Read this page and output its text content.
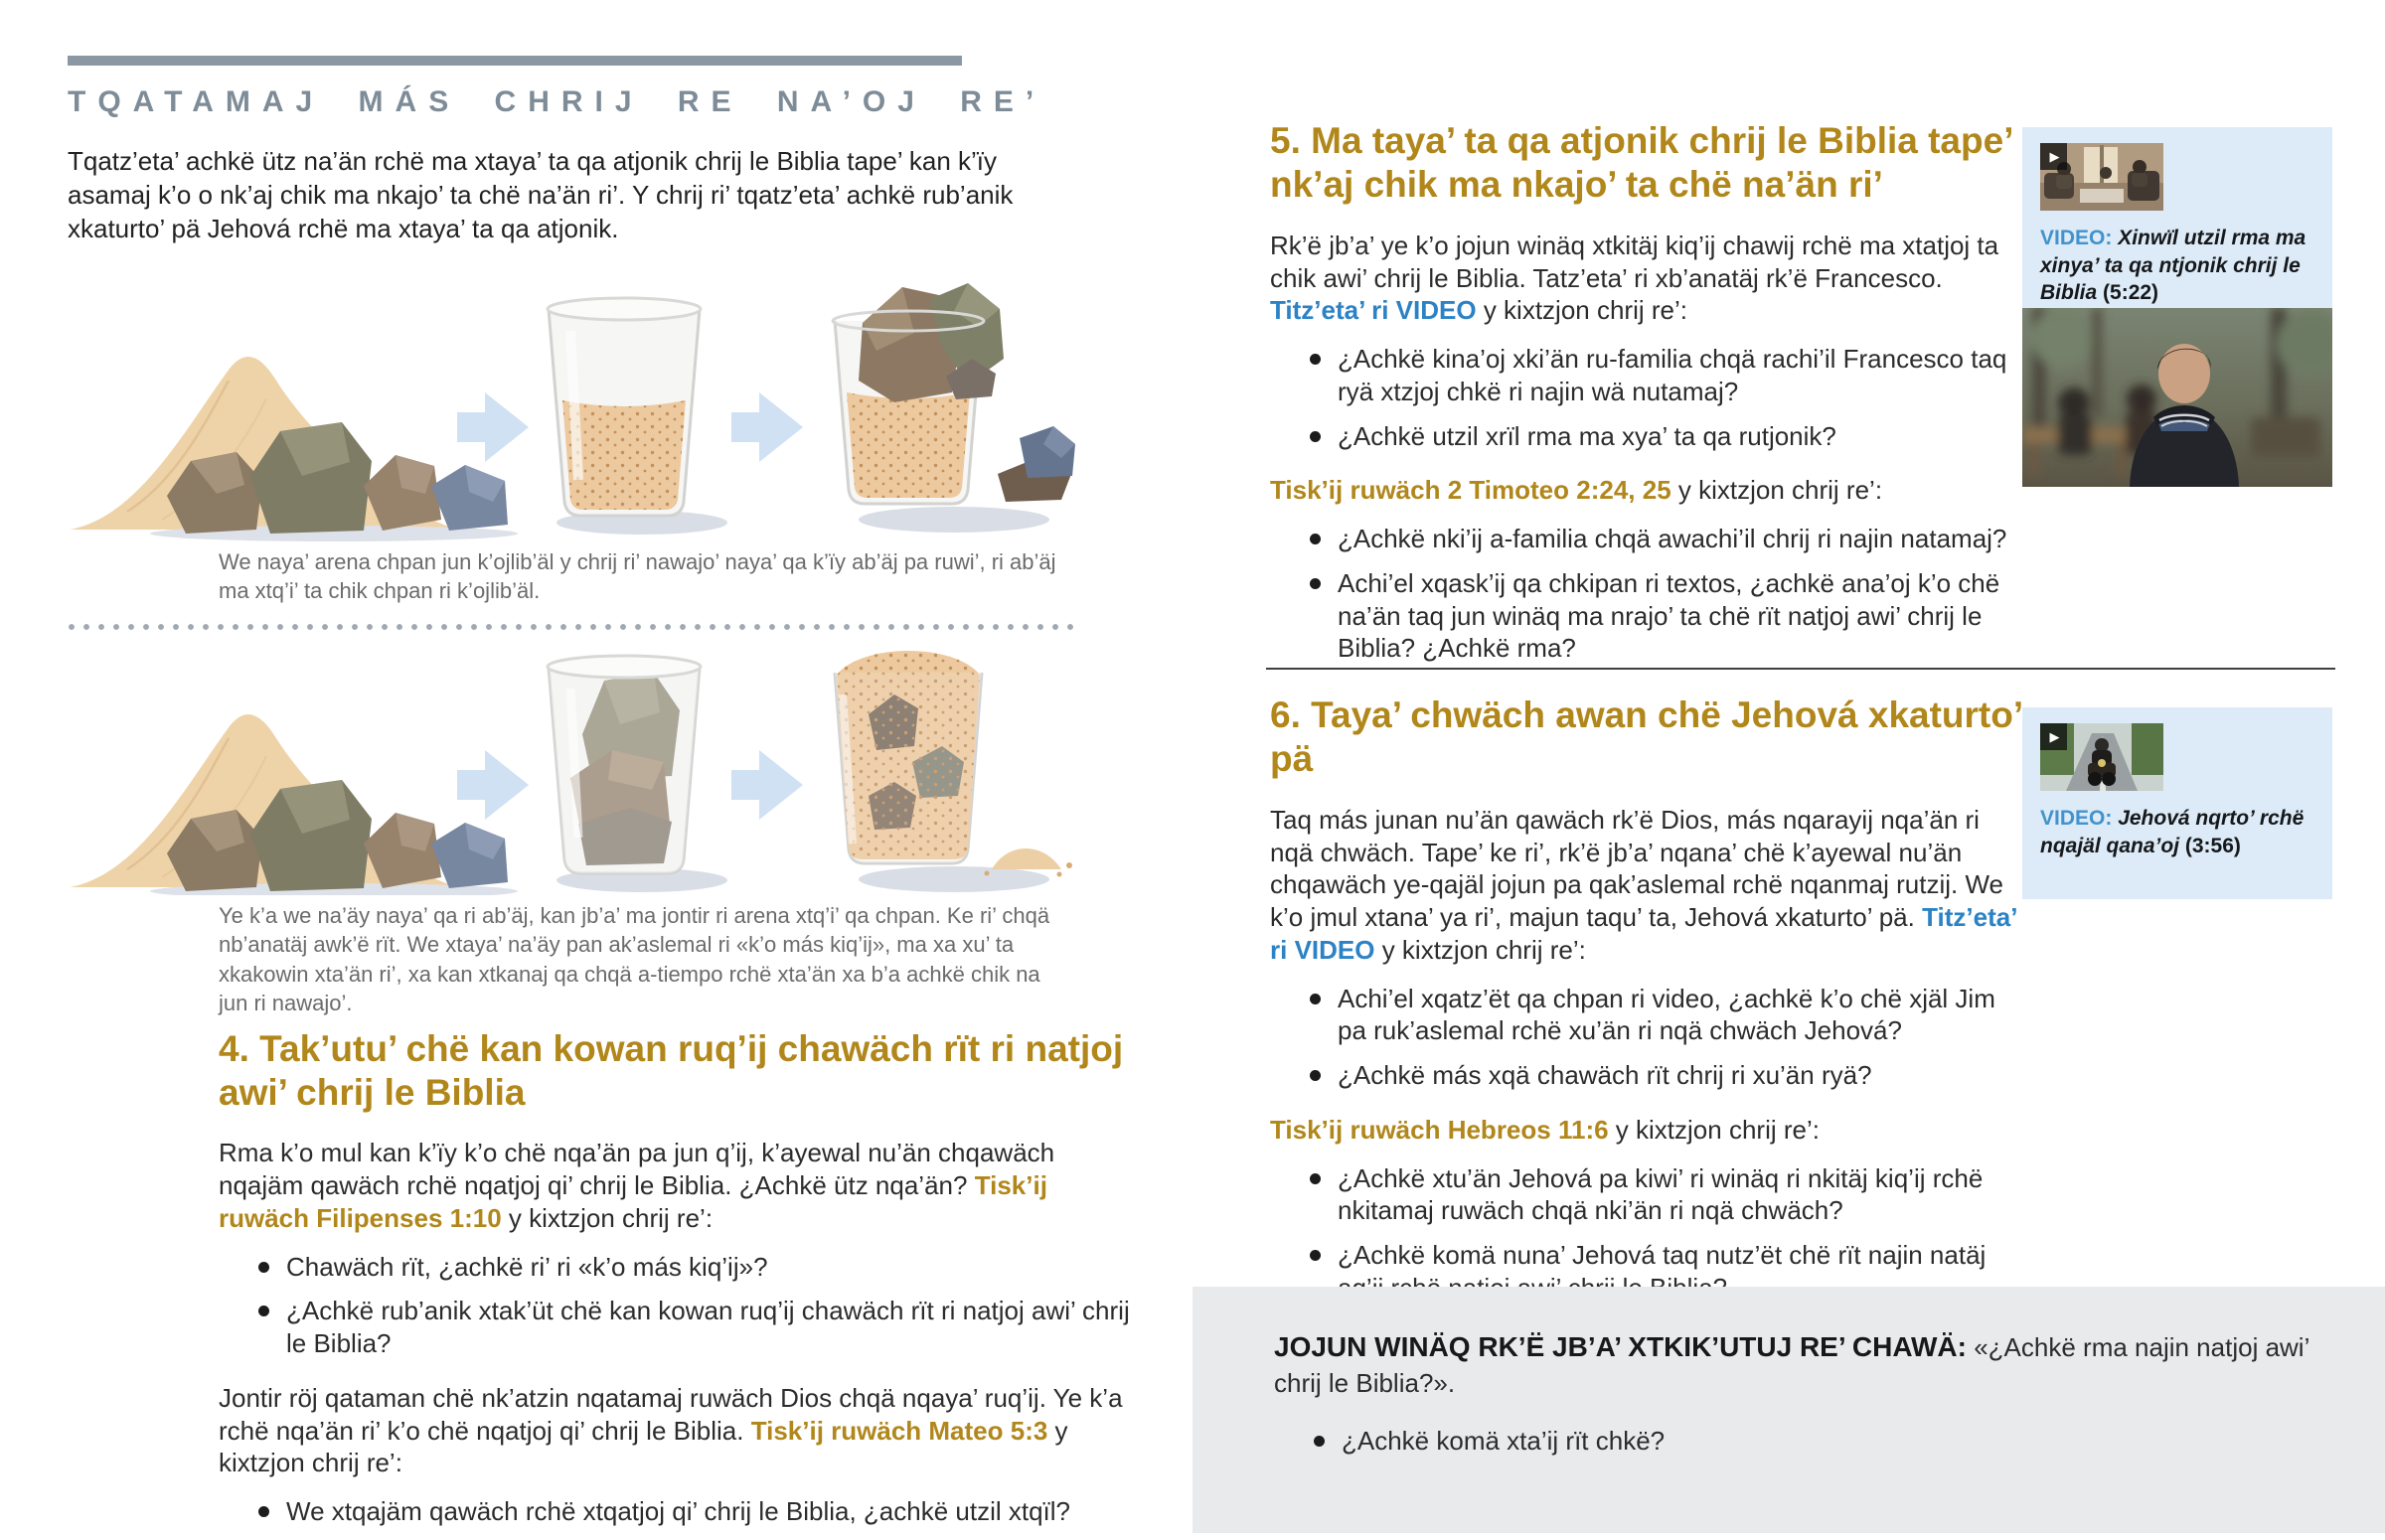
TQATAMAJ MÁS CHRIJ RE NA’OJ RE’

Tqatz’eta’ achkë ütz na’än rchë ma xtaya’ ta qa atjonik chrij le Biblia tape’ kan k’ïy asamaj k’o o nk’aj chik ma nkajo’ ta chë na’än ri’. Y chrij ri’ tqatz’eta’ achkë rub’anik xkaturto’ pä Jehová rchë ma xtaya’ ta qa atjonik.

We naya’ arena chpan jun k’ojlib’äl y chrij ri’ nawajo’ naya’ qa k’ïy ab’äj pa ruwi’, ri ab’äj ma xtq’i’ ta chik chpan ri k’ojlib’äl.

Ye k’a we na’äy naya’ qa ri ab’äj, kan jb’a’ ma jontir ri arena xtq’i’ qa chpan. Ke ri’ chqä nb’anatäj awk’ë rït. We xtaya’ na’äy pan ak’aslemal ri «k’o más kiq’ij», ma xa xu’ ta xkakowin xta’än ri’, xa kan xtkanaj qa chqä a-tiempo rchë xta’än xa b’a achkë chik na jun ri nawajo’.

4. Tak’utu’ chë kan kowan ruq’ij chawäch rït ri natjoj awi’ chrij le Biblia

Rma k’o mul kan k’ïy k’o chë nqa’än pa jun q’ij, k’ayewal nu’än chqawäch nqajäm qawäch rchë nqatjoj qi’ chrij le Biblia. ¿Achkë ütz nqa’än? Tisk’ij ruwäch Filipenses 1:10 y kixtzjon chrij re’:

Chawäch rït, ¿achkë ri’ ri «k’o más kiq’ij»?
¿Achkë rub’anik xtak’üt chë kan kowan ruq’ij chawäch rït ri natjoj awi’ chrij le Biblia?

Jontir röj qataman chë nk’atzin nqatamaj ruwäch Dios chqä nqaya’ ruq’ij. Ye k’a rchë nqa’än ri’ k’o chë nqatjoj qi’ chrij le Biblia. Tisk’ij ruwäch Mateo 5:3 y kixtzjon chrij re’:

We xtqajäm qawäch rchë xtqatjoj qi’ chrij le Biblia, ¿achkë utzil xtqïl?
5. Ma taya’ ta qa atjonik chrij le Biblia tape’ nk’aj chik ma nkajo’ ta chë na’än ri’

Rk’ë jb’a’ ye k’o jojun winäq xtkitäj kiq’ij chawij rchë ma xtatjoj ta chik awi’ chrij le Biblia. Tatz’eta’ ri xb’anatäj rk’ë Francesco. Titz’eta’ ri VIDEO y kixtzjon chrij re’:

¿Achkë kina’oj xki’än ru-familia chqä rachi’il Francesco taq ryä xtzjoj chkë ri najin wä nutamaj?
¿Achkë utzil xrïl rma ma xya’ ta qa rutjonik?

Tisk’ij ruwäch 2 Timoteo 2:24, 25 y kixtzjon chrij re’:

¿Achkë nki’ij a-familia chqä awachi’il chrij ri najin natamaj?
Achi’el xqask’ij qa chkipan ri textos, ¿achkë ana’oj k’o chë na’än taq jun winäq ma nrajo’ ta chë rït natjoj awi’ chrij le Biblia? ¿Achkë rma?
6. Taya’ chwäch awan chë Jehová xkaturto’ pä

Taq más junan nu’än qawäch rk’ë Dios, más nqarayij nqa’än ri nqä chwäch. Tape’ ke ri’, rk’ë jb’a’ nqana’ chë k’ayewal nu’än chqawäch ye-qajäl jojun pa qak’aslemal rchë nqanmaj rutzij. We k’o jmul xtana’ ya ri’, majun taqu’ ta, Jehová xkaturto’ pä. Titz’eta’ ri VIDEO y kixtzjon chrij re’:

Achi’el xqatz’ët qa chpan ri video, ¿achkë k’o chë xjäl Jim pa ruk’aslemal rchë xu’än ri nqä chwäch Jehová?
¿Achkë más xqä chawäch rït chrij ri xu’än ryä?

Tisk’ij ruwäch Hebreos 11:6 y kixtzjon chrij re’:

¿Achkë xtu’än Jehová pa kiwi’ ri winäq ri nkitäj kiq’ij rchë nkitamaj ruwäch chqä nki’än ri nqä chwäch?
¿Achkë komä nuna’ Jehová taq nutz’ët chë rït najin natäj
▶

VIDEO: Xinwïl utzil rma ma xinya’ ta qa ntjonik chrij le Biblia (5:22)

▶

VIDEO: Jehová nqrto’ rchë nqajäl qana’oj (3:56)

JOJUN WINÄQ RK’Ë JB’A’ XTKIK’UTUJ RE’ CHAWÄ: «¿Achkë rma najin natjoj awi’ chrij le Biblia?».

¿Achkë komä xta’ij rït chkë?
